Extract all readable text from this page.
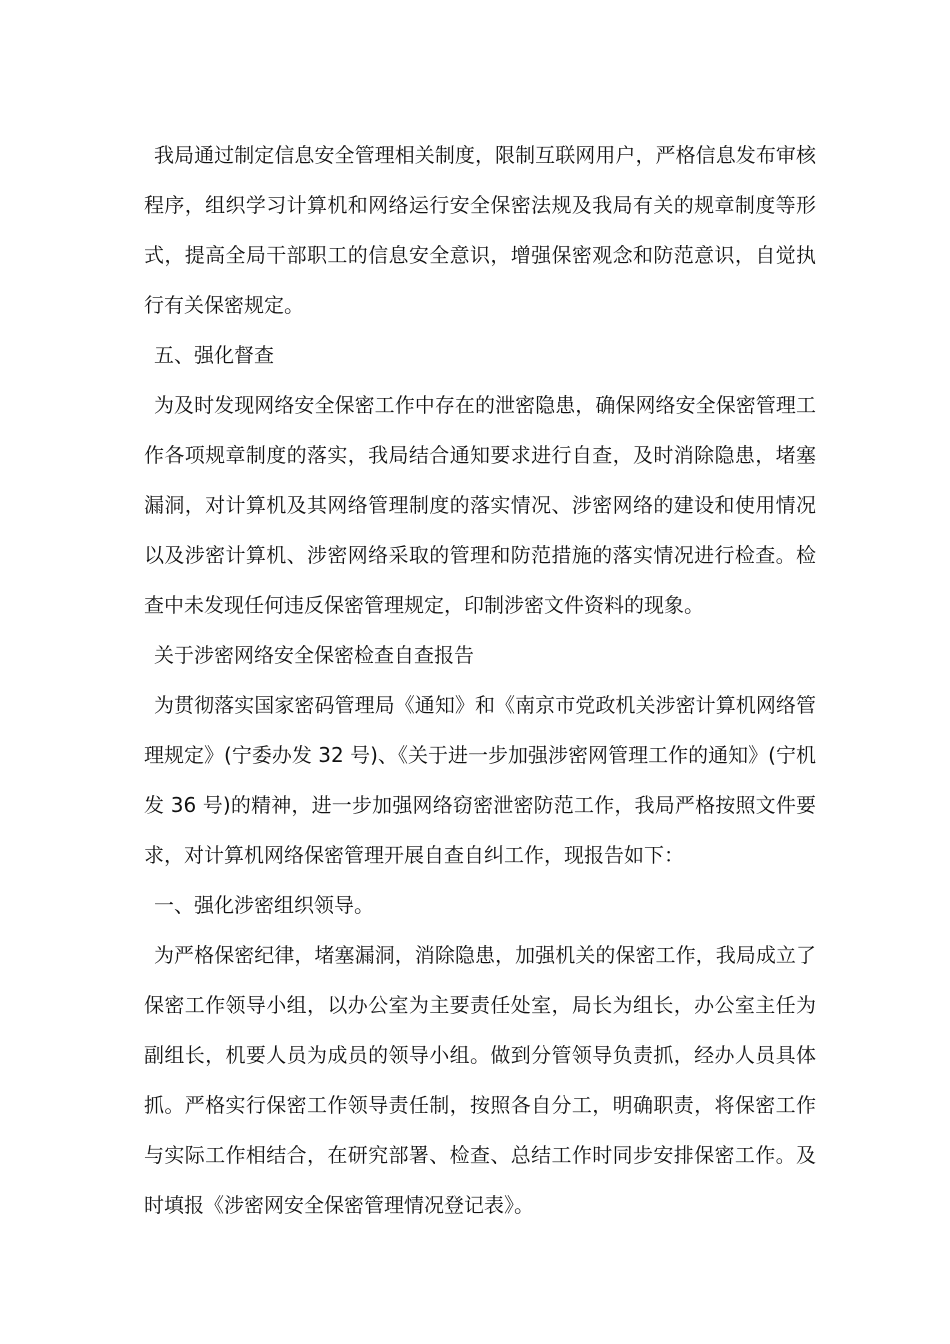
我局通过制定信息安全管理相关制度，限制互联网用户，严格信息发布审核程序，组织学习计算机和网络运行安全保密法规及我局有关的规章制度等形式，提高全局干部职工的信息安全意识，增强保密观念和防范意识，自觉执行有关保密规定。

五、强化督查

为及时发现网络安全保密工作中存在的泄密隐患，确保网络安全保密管理工作各项规章制度的落实，我局结合通知要求进行自查，及时消除隐患，堵塞漏洞，对计算机及其网络管理制度的落实情况、涉密网络的建设和使用情况以及涉密计算机、涉密网络采取的管理和防范措施的落实情况进行检查。检查中未发现任何违反保密管理规定，印制涉密文件资料的现象。

关于涉密网络安全保密检查自查报告

为贯彻落实国家密码管理局《通知》和《南京市党政机关涉密计算机网络管理规定》(宁委办发 32 号)、《关于进一步加强涉密网管理工作的通知》(宁机发 36 号)的精神，进一步加强网络窃密泄密防范工作，我局严格按照文件要求，对计算机网络保密管理开展自查自纠工作，现报告如下：

一、强化涉密组织领导。

为严格保密纪律，堵塞漏洞，消除隐患，加强机关的保密工作，我局成立了保密工作领导小组，以办公室为主要责任处室，局长为组长，办公室主任为副组长，机要人员为成员的领导小组。做到分管领导负责抓，经办人员具体抓。严格实行保密工作领导责任制，按照各自分工，明确职责，将保密工作与实际工作相结合，在研究部署、检查、总结工作时同步安排保密工作。及时填报《涉密网安全保密管理情况登记表》。
